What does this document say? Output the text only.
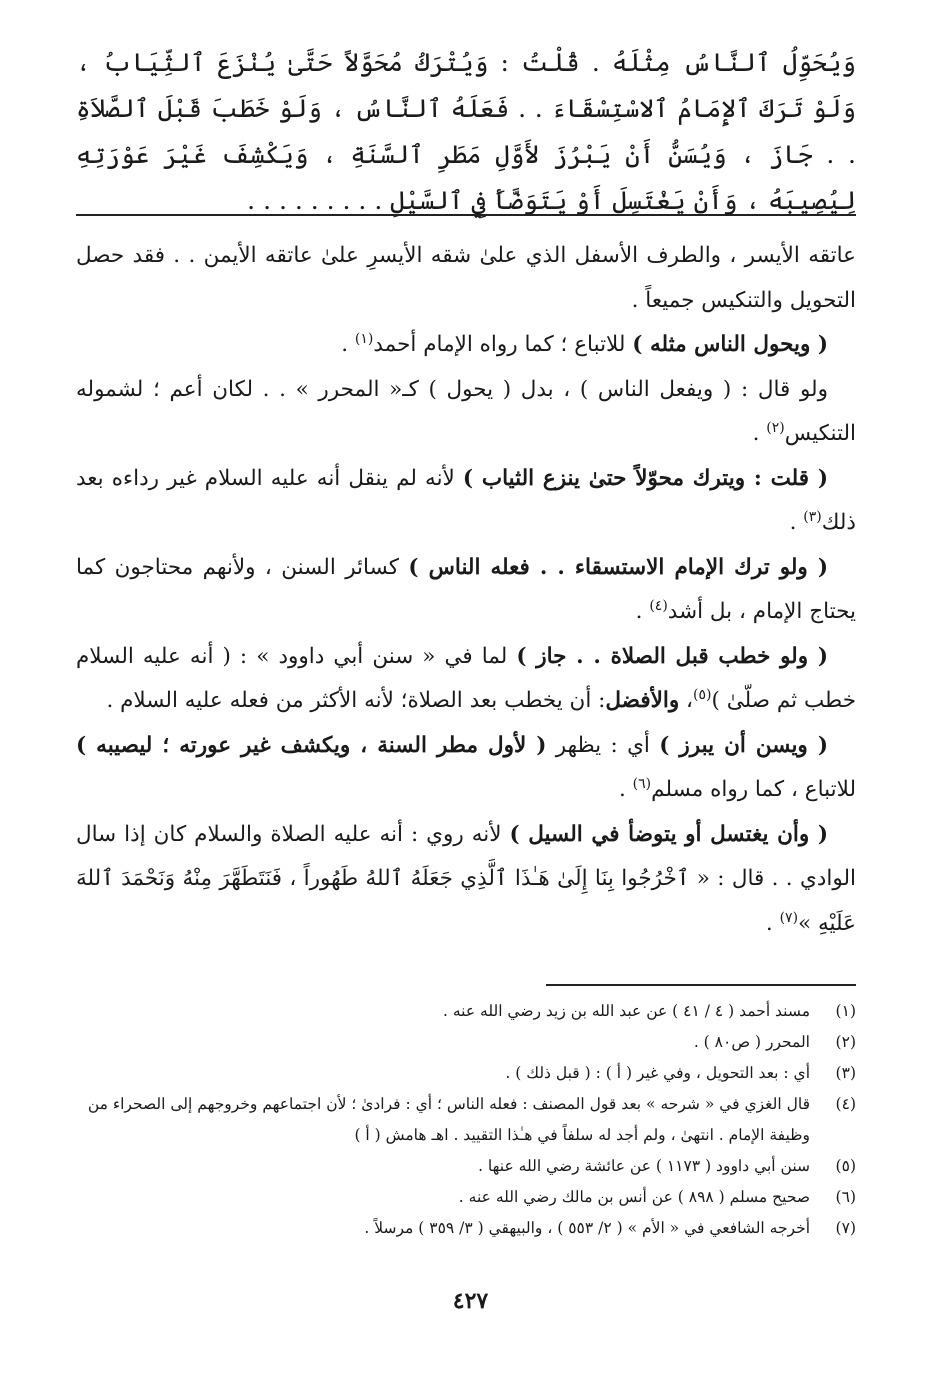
وَيُحَوِّلُ ٱلنَّاسُ مِثْلَهُ . قُلْتُ : وَيُتْرَكُ مُحَوَّلاً حَتَّىٰ يُنْزَعَ ٱلثِّيَابُ ، وَلَوْ تَرَكَ ٱلإِمَامُ ٱلاسْتِسْقَاءَ . . فَعَلَهُ ٱلنَّاسُ ، وَلَوْ خَطَبَ قَبْلَ ٱلصَّلاَةِ . . جَازَ ، وَيُسَنُّ أَنْ يَبْرُزَ لأَوَّلِ مَطَرِ ٱلسَّنَةِ ، وَيَكْشِفَ غَيْرَ عَوْرَتِهِ لِيُصِيبَهُ ، وَأَنْ يَغْتَسِلَ أَوْ يَتَوَضَّأَ فِي ٱلسَّيْلِ . . . . . . . . .

عاتقه الأيسر ، والطرف الأسفل الذي علىٰ شقه الأيسرِ علىٰ عاتقه الأيمن . . فقد حصل التحويل والتنكيس جميعاً .

( ويحول الناس مثله ) للاتباع ؛ كما رواه الإمام أحمد$^{(١)}$ .

ولو قال : ( ويفعل الناس ) ، بدل ( يحول ) كـ« المحرر » . . لكان أعم ؛ لشموله التنكيس$^{(٢)}$ .

( قلت : ويترك محوّلاً حتىٰ ينزع الثياب ) لأنه لم ينقل أنه عليه السلام غير رداءه بعد ذلك$^{(٣)}$ .

( ولو ترك الإمام الاستسقاء . . فعله الناس ) كسائر السنن ، ولأنهم محتاجون كما يحتاج الإمام ، بل أشد$^{(٤)}$ .

( ولو خطب قبل الصلاة . . جاز ) لما في « سنن أبي داوود » : ( أنه عليه السلام خطب ثم صلّىٰ )$^{(٥)}$، والأفضل: أن يخطب بعد الصلاة؛ لأنه الأكثر من فعله عليه السلام .

( ويسن أن يبرز ) أي : يظهر ( لأول مطر السنة ، ويكشف غير عورته ؛ ليصيبه ) للاتباع ، كما رواه مسلم$^{(٦)}$ .

( وأن يغتسل أو يتوضأ في السيل ) لأنه روي : أنه عليه الصلاة والسلام كان إذا سال الوادي . . قال : « ٱخْرُجُوا بِنَا إِلَىٰ هَـٰذَا ٱلَّذِي جَعَلَهُ ٱللهُ طَهُوراً ، فَنَتَطَهَّرَ مِنْهُ وَنَحْمَدَ ٱللهَ عَلَيْهِ »$^{(٧)}$ .

(١)
مسند أحمد ( ٤ / ٤١ ) عن عبد الله بن زيد رضي الله عنه .
(٢)
المحرر ( ص٨٠ ) .
(٣)
أي : بعد التحويل ، وفي غير ( أ ) : ( قبل ذلك ) .
(٤)
قال الغزي في « شرحه » بعد قول المصنف : فعله الناس ؛ أي : فرادىٰ ؛ لأن اجتماعهم وخروجهم إلى الصحراء من وظيفة الإمام . انتهىٰ ، ولم أجد له سلفاً في هـٰذا التقييد . اهـ هامش ( أ )
(٥)
سنن أبي داوود ( ١١٧٣ ) عن عائشة رضي الله عنها .
(٦)
صحيح مسلم ( ٨٩٨ ) عن أنس بن مالك رضي الله عنه .
(٧)
أخرجه الشافعي في « الأم » ( ٢/ ٥٥٣ ) ، والبيهقي ( ٣/ ٣٥٩ ) مرسلاً .
٤٢٧
